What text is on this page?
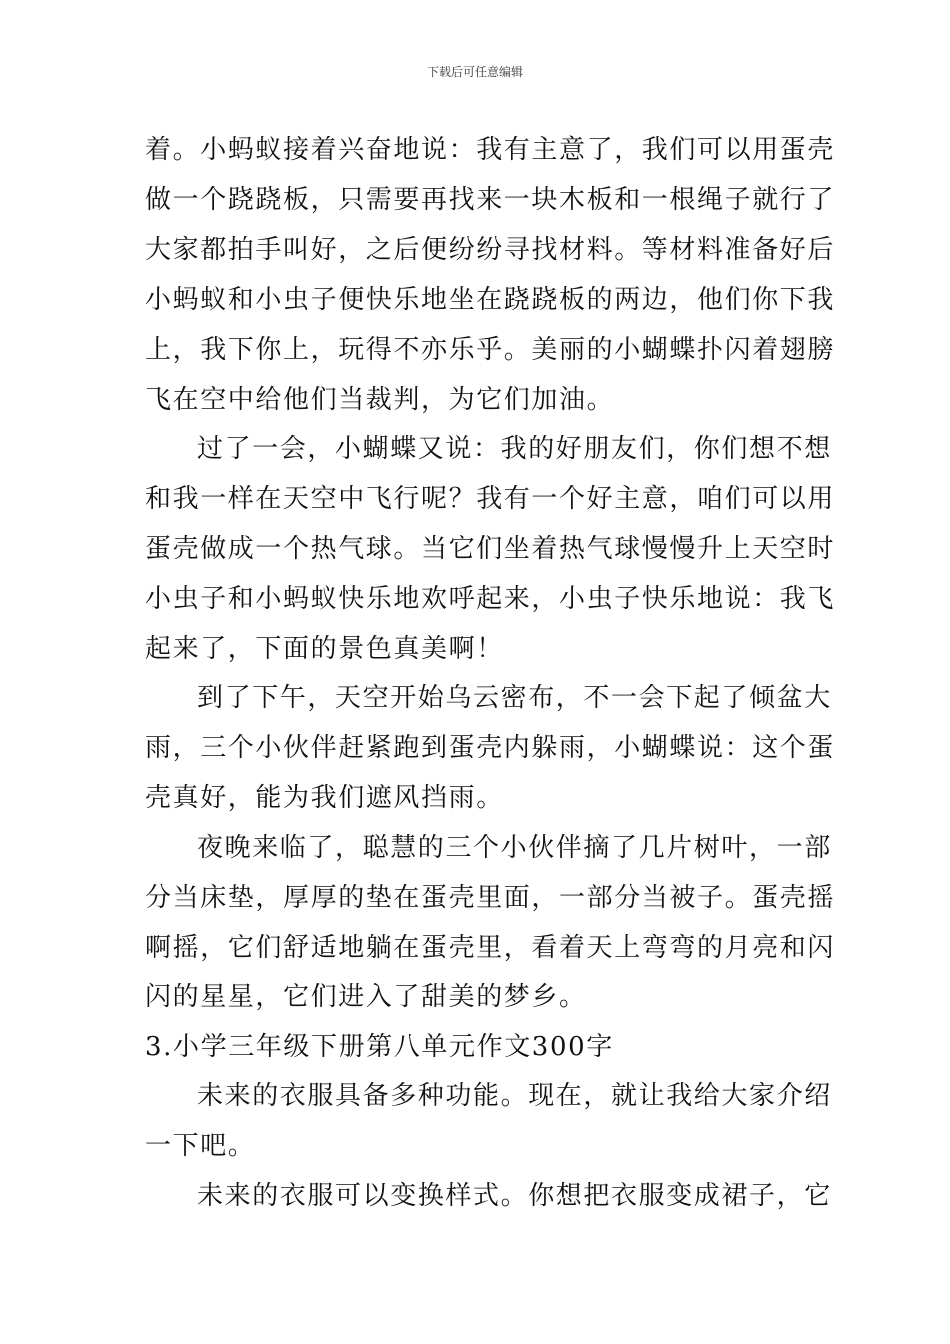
下载后可任意编辑
着。小蚂蚁接着兴奋地说：我有主意了，我们可以用蛋壳
做一个跷跷板，只需要再找来一块木板和一根绳子就行了
大家都拍手叫好，之后便纷纷寻找材料。等材料准备好后
小蚂蚁和小虫子便快乐地坐在跷跷板的两边，他们你下我
上，我下你上，玩得不亦乐乎。美丽的小蝴蝶扑闪着翅膀
飞在空中给他们当裁判，为它们加油。
过了一会，小蝴蝶又说：我的好朋友们，你们想不想
和我一样在天空中飞行呢？我有一个好主意，咱们可以用
蛋壳做成一个热气球。当它们坐着热气球慢慢升上天空时
小虫子和小蚂蚁快乐地欢呼起来，小虫子快乐地说：我飞
起来了，下面的景色真美啊！
到了下午，天空开始乌云密布，不一会下起了倾盆大
雨，三个小伙伴赶紧跑到蛋壳内躲雨，小蝴蝶说：这个蛋
壳真好，能为我们遮风挡雨。
夜晚来临了，聪慧的三个小伙伴摘了几片树叶，一部
分当床垫，厚厚的垫在蛋壳里面，一部分当被子。蛋壳摇
啊摇，它们舒适地躺在蛋壳里，看着天上弯弯的月亮和闪
闪的星星，它们进入了甜美的梦乡。
3.小学三年级下册第八单元作文300字
未来的衣服具备多种功能。现在，就让我给大家介绍
一下吧。
未来的衣服可以变换样式。你想把衣服变成裙子，它
